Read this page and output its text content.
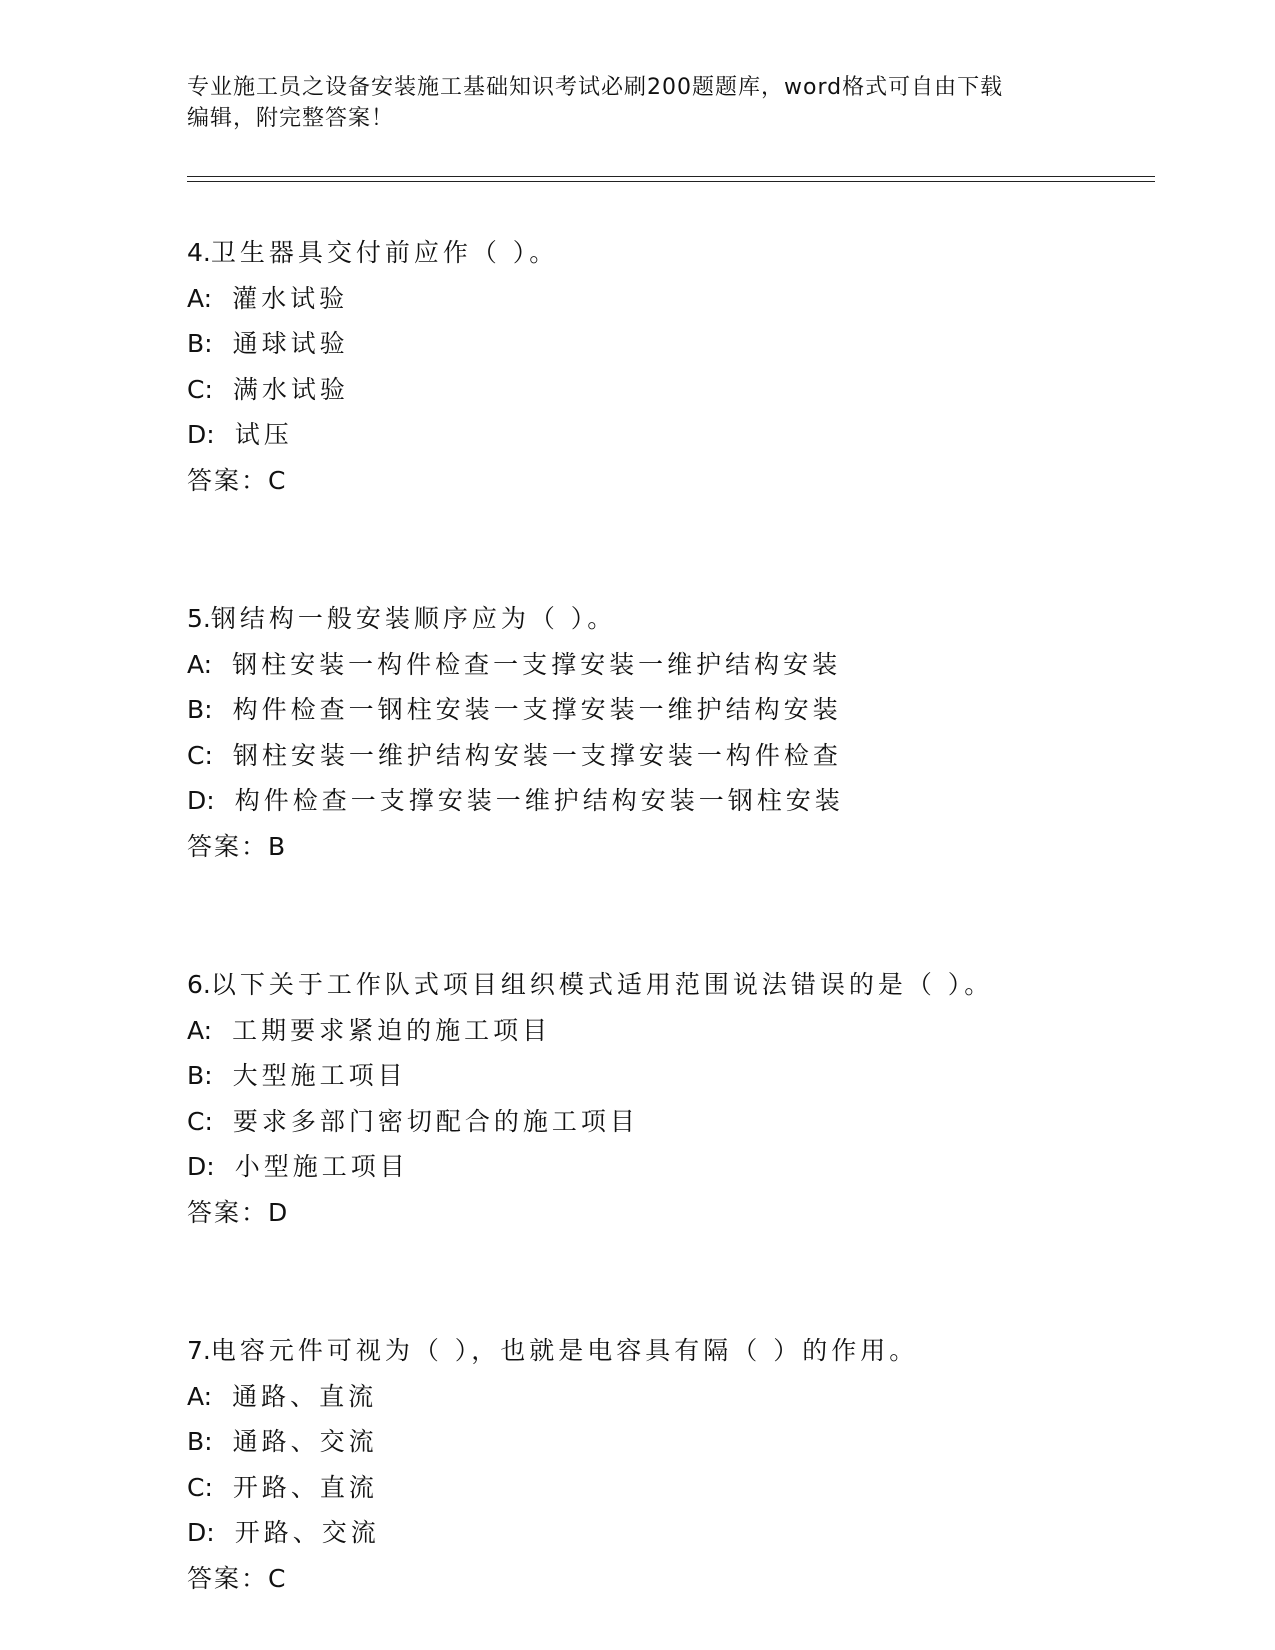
专业施工员之设备安装施工基础知识考试必刷200题题库，word格式可自由下载
编辑，附完整答案！
4.卫生器具交付前应作（ ）。
A: 灌水试验
B: 通球试验
C: 满水试验
D: 试压
答案：C
5.钢结构一般安装顺序应为（ ）。
A: 钢柱安装一构件检查一支撑安装一维护结构安装
B: 构件检查一钢柱安装一支撑安装一维护结构安装
C: 钢柱安装一维护结构安装一支撑安装一构件检查
D: 构件检查一支撑安装一维护结构安装一钢柱安装
答案：B
6.以下关于工作队式项目组织模式适用范围说法错误的是（ ）。
A: 工期要求紧迫的施工项目
B: 大型施工项目
C: 要求多部门密切配合的施工项目
D: 小型施工项目
答案：D
7.电容元件可视为（ ），也就是电容具有隔（ ）的作用。
A: 通路、直流
B: 通路、交流
C: 开路、直流
D: 开路、交流
答案：C
